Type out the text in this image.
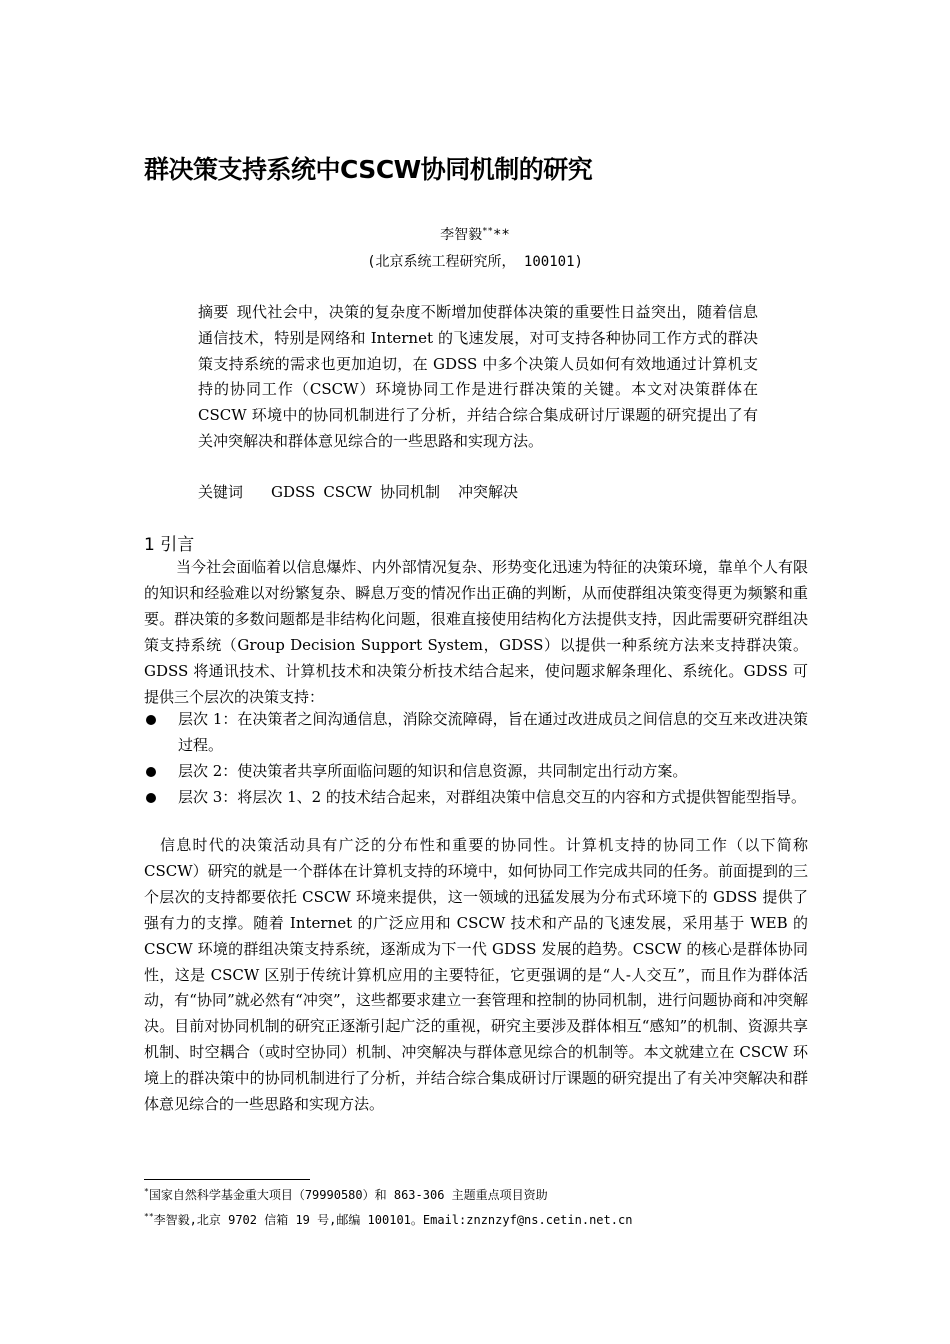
群决策支持系统中CSCW协同机制的研究
李智毅****
(北京系统工程研究所， 100101)
摘要 现代社会中，决策的复杂度不断增加使群体决策的重要性日益突出，随着信息通信技术，特别是网络和 Internet 的飞速发展，对可支持各种协同工作方式的群决策支持系统的需求也更加迫切，在 GDSS 中多个决策人员如何有效地通过计算机支持的协同工作（CSCW）环境协同工作是进行群决策的关键。本文对决策群体在 CSCW 环境中的协同机制进行了分析，并结合综合集成研讨厅课题的研究提出了有关冲突解决和群体意见综合的一些思路和实现方法。
关键词 GDSS CSCW 协同机制 冲突解决
1 引言

当今社会面临着以信息爆炸、内外部情况复杂、形势变化迅速为特征的决策环境，靠单个人有限的知识和经验难以对纷繁复杂、瞬息万变的情况作出正确的判断，从而使群组决策变得更为频繁和重要。群决策的多数问题都是非结构化问题，很难直接使用结构化方法提供支持，因此需要研究群组决策支持系统（Group Decision Support System，GDSS）以提供一种系统方法来支持群决策。GDSS 将通讯技术、计算机技术和决策分析技术结合起来，使问题求解条理化、系统化。GDSS 可提供三个层次的决策支持：

层次 1：在决策者之间沟通信息，消除交流障碍，旨在通过改进成员之间信息的交互来改进决策过程。
层次 2：使决策者共享所面临问题的知识和信息资源，共同制定出行动方案。
层次 3：将层次 1、2 的技术结合起来，对群组决策中信息交互的内容和方式提供智能型指导。

信息时代的决策活动具有广泛的分布性和重要的协同性。计算机支持的协同工作（以下简称 CSCW）研究的就是一个群体在计算机支持的环境中，如何协同工作完成共同的任务。前面提到的三个层次的支持都要依托 CSCW 环境来提供，这一领域的迅猛发展为分布式环境下的 GDSS 提供了强有力的支撑。随着 Internet 的广泛应用和 CSCW 技术和产品的飞速发展，采用基于 WEB 的 CSCW 环境的群组决策支持系统，逐渐成为下一代 GDSS 发展的趋势。CSCW 的核心是群体协同性，这是 CSCW 区别于传统计算机应用的主要特征，它更强调的是“人-人交互”，而且作为群体活动，有“协同”就必然有“冲突”，这些都要求建立一套管理和控制的协同机制，进行问题协商和冲突解决。目前对协同机制的研究正逐渐引起广泛的重视，研究主要涉及群体相互“感知”的机制、资源共享机制、时空耦合（或时空协同）机制、冲突解决与群体意见综合的机制等。本文就建立在 CSCW 环境上的群决策中的协同机制进行了分析，并结合综合集成研讨厅课题的研究提出了有关冲突解决和群体意见综合的一些思路和实现方法。

*国家自然科学基金重大项目（79990580）和 863-306 主题重点项目资助
**李智毅,北京 9702 信箱 19 号,邮编 100101。Email:znznzyf@ns.cetin.net.cn
